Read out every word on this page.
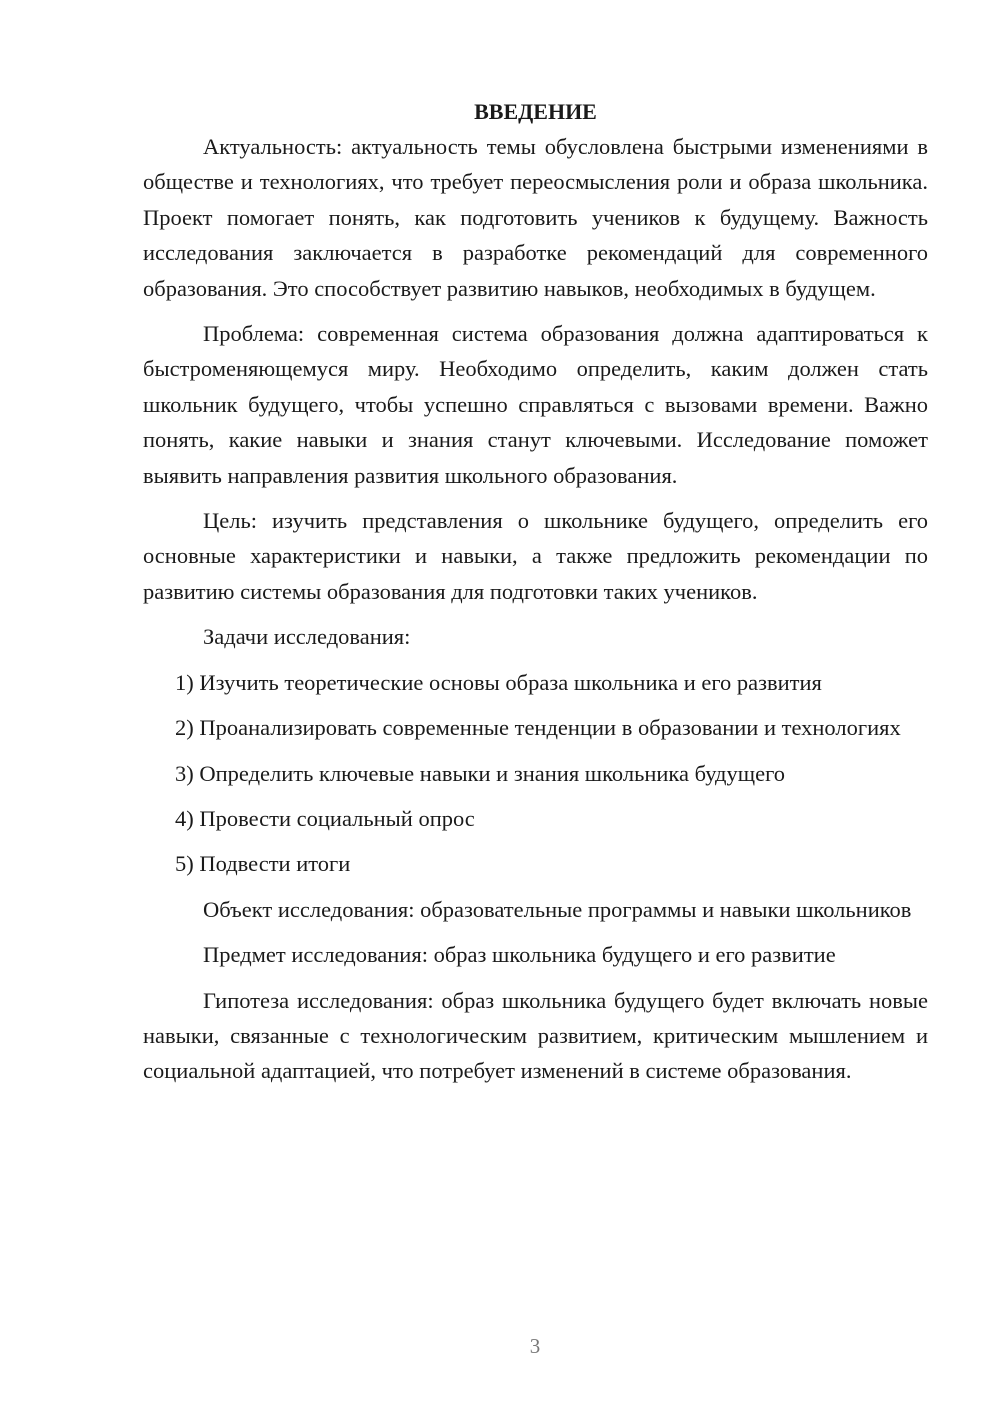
ВВЕДЕНИЕ

Актуальность: актуальность темы обусловлена быстрыми изменениями в обществе и технологиях, что требует переосмысления роли и образа школьника. Проект помогает понять, как подготовить учеников к будущему. Важность исследования заключается в разработке рекомендаций для современного образования. Это способствует развитию навыков, необходимых в будущем.

Проблема: современная система образования должна адаптироваться к быстроменяющемуся миру. Необходимо определить, каким должен стать школьник будущего, чтобы успешно справляться с вызовами времени. Важно понять, какие навыки и знания станут ключевыми. Исследование поможет выявить направления развития школьного образования.

Цель: изучить представления о школьнике будущего, определить его основные характеристики и навыки, а также предложить рекомендации по развитию системы образования для подготовки таких учеников.

Задачи исследования:

1) Изучить теоретические основы образа школьника и его развития

2) Проанализировать современные тенденции в образовании и технологиях

3) Определить ключевые навыки и знания школьника будущего

4) Провести социальный опрос

5) Подвести итоги

Объект исследования: образовательные программы и навыки школьников

Предмет исследования: образ школьника будущего и его развитие

Гипотеза исследования: образ школьника будущего будет включать новые навыки, связанные с технологическим развитием, критическим мышлением и социальной адаптацией, что потребует изменений в системе образования.

3
